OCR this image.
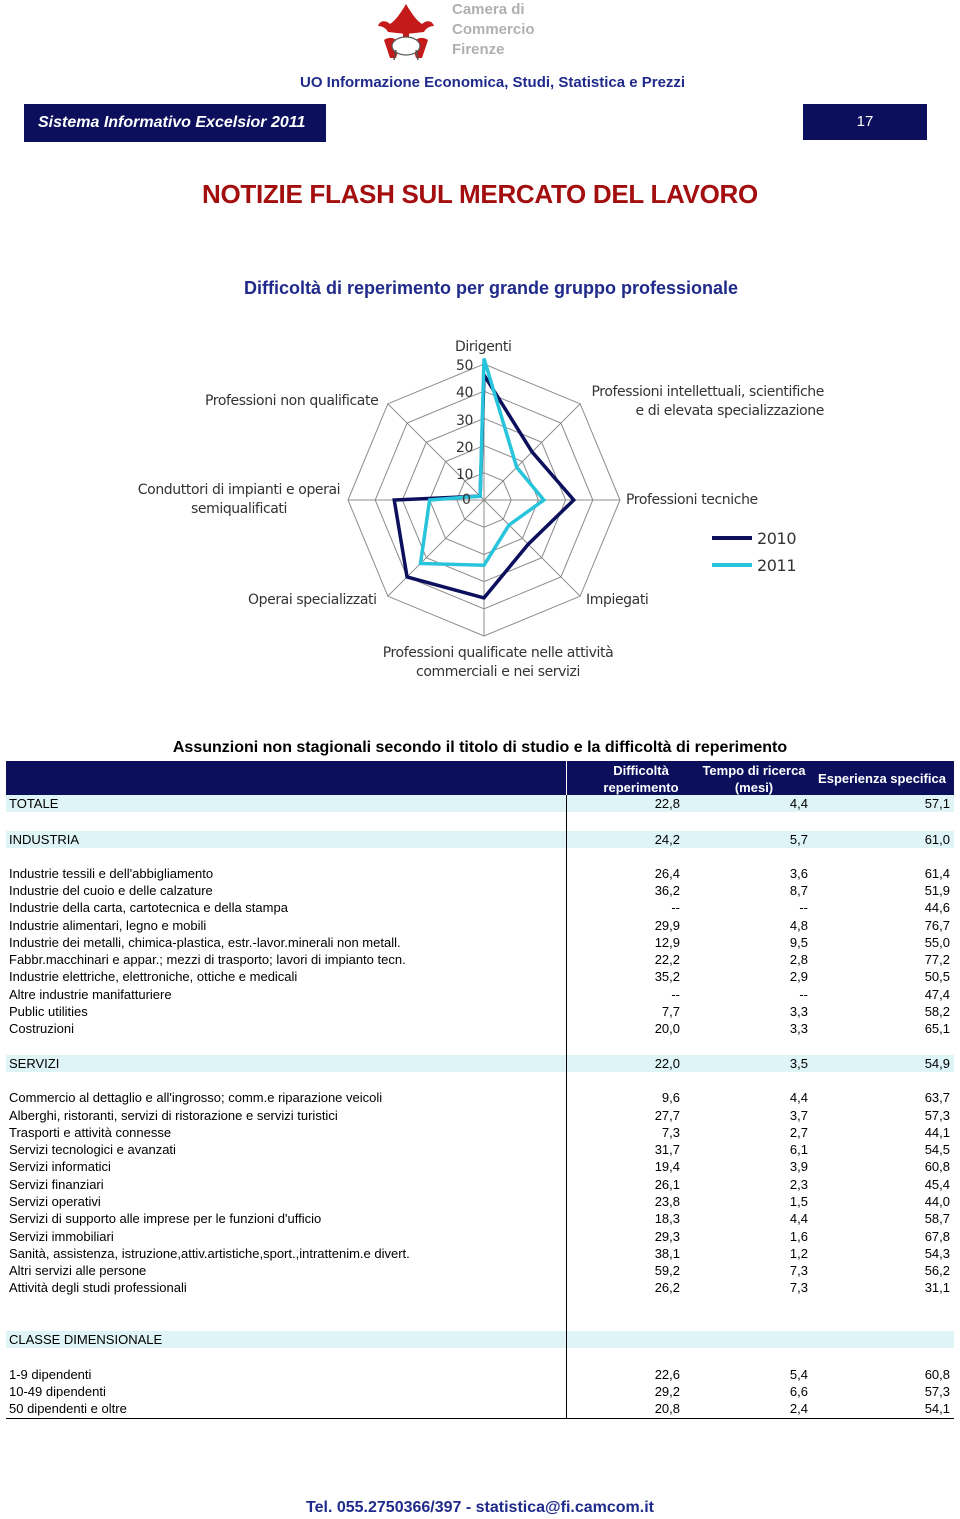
Camera di Commercio
Firenze
UO Informazione Economica, Studi, Statistica e Prezzi
Sistema Informativo Excelsior 2011	17
NOTIZIE FLASH SUL MERCATO DEL LAVORO
Difficoltà di reperimento per grande gruppo professionale
Dirigenti
Professioni intellettuali, scientifiche e di elevata specializzazione
Professioni tecniche
Impiegati
Professioni qualificate nelle attività commerciali e nei servizi
Operai specializzati
Conduttori di impianti e operai semiqualificati
Professioni non qualificate
50
40
30
20
10
0
2010
2011
Assunzioni non stagionali secondo il titolo di studio e la difficoltà di reperimento
Difficoltà
reperimento
Tempo di ricerca
(mesi)
Esperienza specifica
TOTALE	22,8	4,4	57,1
INDUSTRIA	24,2	5,7	61,0
Industrie tessili e dell'abbigliamento	26,4	3,6	61,4
Industrie del cuoio e delle calzature	36,2	8,7	51,9
Industrie della carta, cartotecnica e della stampa	--	--	44,6
Industrie alimentari, legno e mobili	29,9	4,8	76,7
Industrie dei metalli, chimica-plastica, estr.-lavor.minerali non metall.	12,9	9,5	55,0
Fabbr.macchinari e appar.; mezzi di trasporto; lavori di impianto tecn.	22,2	2,8	77,2
Industrie elettriche, elettroniche, ottiche e medicali	35,2	2,9	50,5
Altre industrie manifatturiere	--	--	47,4
Public utilities	7,7	3,3	58,2
Costruzioni	20,0	3,3	65,1
SERVIZI	22,0	3,5	54,9
Commercio al dettaglio e all'ingrosso; comm.e riparazione veicoli	9,6	4,4	63,7
Alberghi, ristoranti, servizi di ristorazione e servizi turistici	27,7	3,7	57,3
Trasporti e attività connesse	7,3	2,7	44,1
Servizi tecnologici e avanzati	31,7	6,1	54,5
Servizi informatici	19,4	3,9	60,8
Servizi finanziari	26,1	2,3	45,4
Servizi operativi	23,8	1,5	44,0
Servizi di supporto alle imprese per le funzioni d'ufficio	18,3	4,4	58,7
Servizi immobiliari	29,3	1,6	67,8
Sanità, assistenza, istruzione,attiv.artistiche,sport.,intrattenim.e divert.	38,1	1,2	54,3
Altri servizi alle persone	59,2	7,3	56,2
Attività degli studi professionali	26,2	7,3	31,1
CLASSE DIMENSIONALE
1-9 dipendenti	22,6	5,4	60,8
10-49 dipendenti	29,2	6,6	57,3
50 dipendenti e oltre	20,8	2,4	54,1
Tel. 055.2750366/397 - statistica@fi.camcom.it
